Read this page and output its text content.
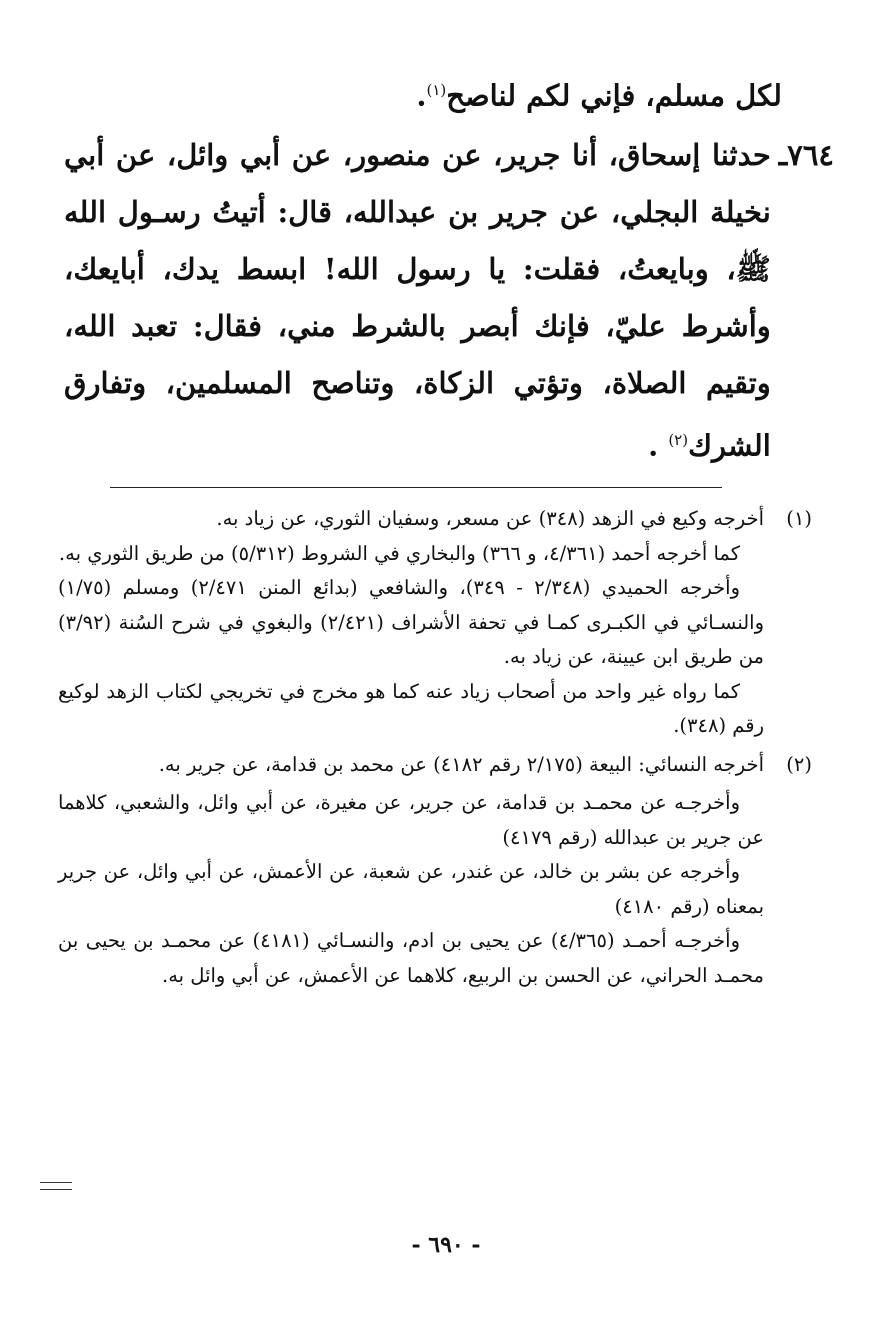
لكل مسلم، فإني لكم لناصح$^{(١)}$.

٧٦٤ـ
حدثنا إسحاق، أنا جرير، عن منصور، عن أبي وائل، عن أبي نخيلة البجلي، عن جرير بن عبدالله، قال: أتيتُ رسـول الله ﷺ، وبايعتُ، فقلت: يا رسول الله! ابسط يدك، أبايعك، وأشرط عليّ، فإنك أبصر بالشرط مني، فقال: تعبد الله، وتقيم الصلاة، وتؤتي الزكاة، وتناصح المسلمين، وتفارق الشرك$^{(٢)}$ .

(١)

أخرجه وكيع في الزهد (٣٤٨) عن مسعر، وسفيان الثوري، عن زياد به.

كما أخرجه أحمد (٤/٣٦١، و ٣٦٦) والبخاري في الشروط (٥/٣١٢) من طريق الثوري به.

وأخرجه الحميدي (٢/٣٤٨ - ٣٤٩)، والشافعي (بدائع المنن ٢/٤٧١) ومسلم (١/٧٥) والنسـائي في الكبـرى كمـا في تحفة الأشراف (٢/٤٢١) والبغوي في شرح السُنة (٣/٩٢) من طريق ابن عيينة، عن زياد به.

كما رواه غير واحد من أصحاب زياد عنه كما هو مخرج في تخريجي لكتاب الزهد لوكيع رقم (٣٤٨).

(٢)

أخرجه النسائي: البيعة (٢/١٧٥ رقم ٤١٨٢) عن محمد بن قدامة، عن جرير به.

وأخرجـه عن محمـد بن قدامة، عن جرير، عن مغيرة، عن أبي وائل، والشعبي، كلاهما عن جرير بن عبدالله (رقم ٤١٧٩)

وأخرجه عن بشر بن خالد، عن غندر، عن شعبة، عن الأعمش، عن أبي وائل، عن جرير بمعناه (رقم ٤١٨٠)

وأخرجـه أحمـد (٤/٣٦٥) عن يحيى بن ادم، والنسـائي (٤١٨١) عن محمـد بن يحيى بن محمـد الحراني، عن الحسن بن الربيع، كلاهما عن الأعمش، عن أبي وائل به.

- ٦٩٠ -
